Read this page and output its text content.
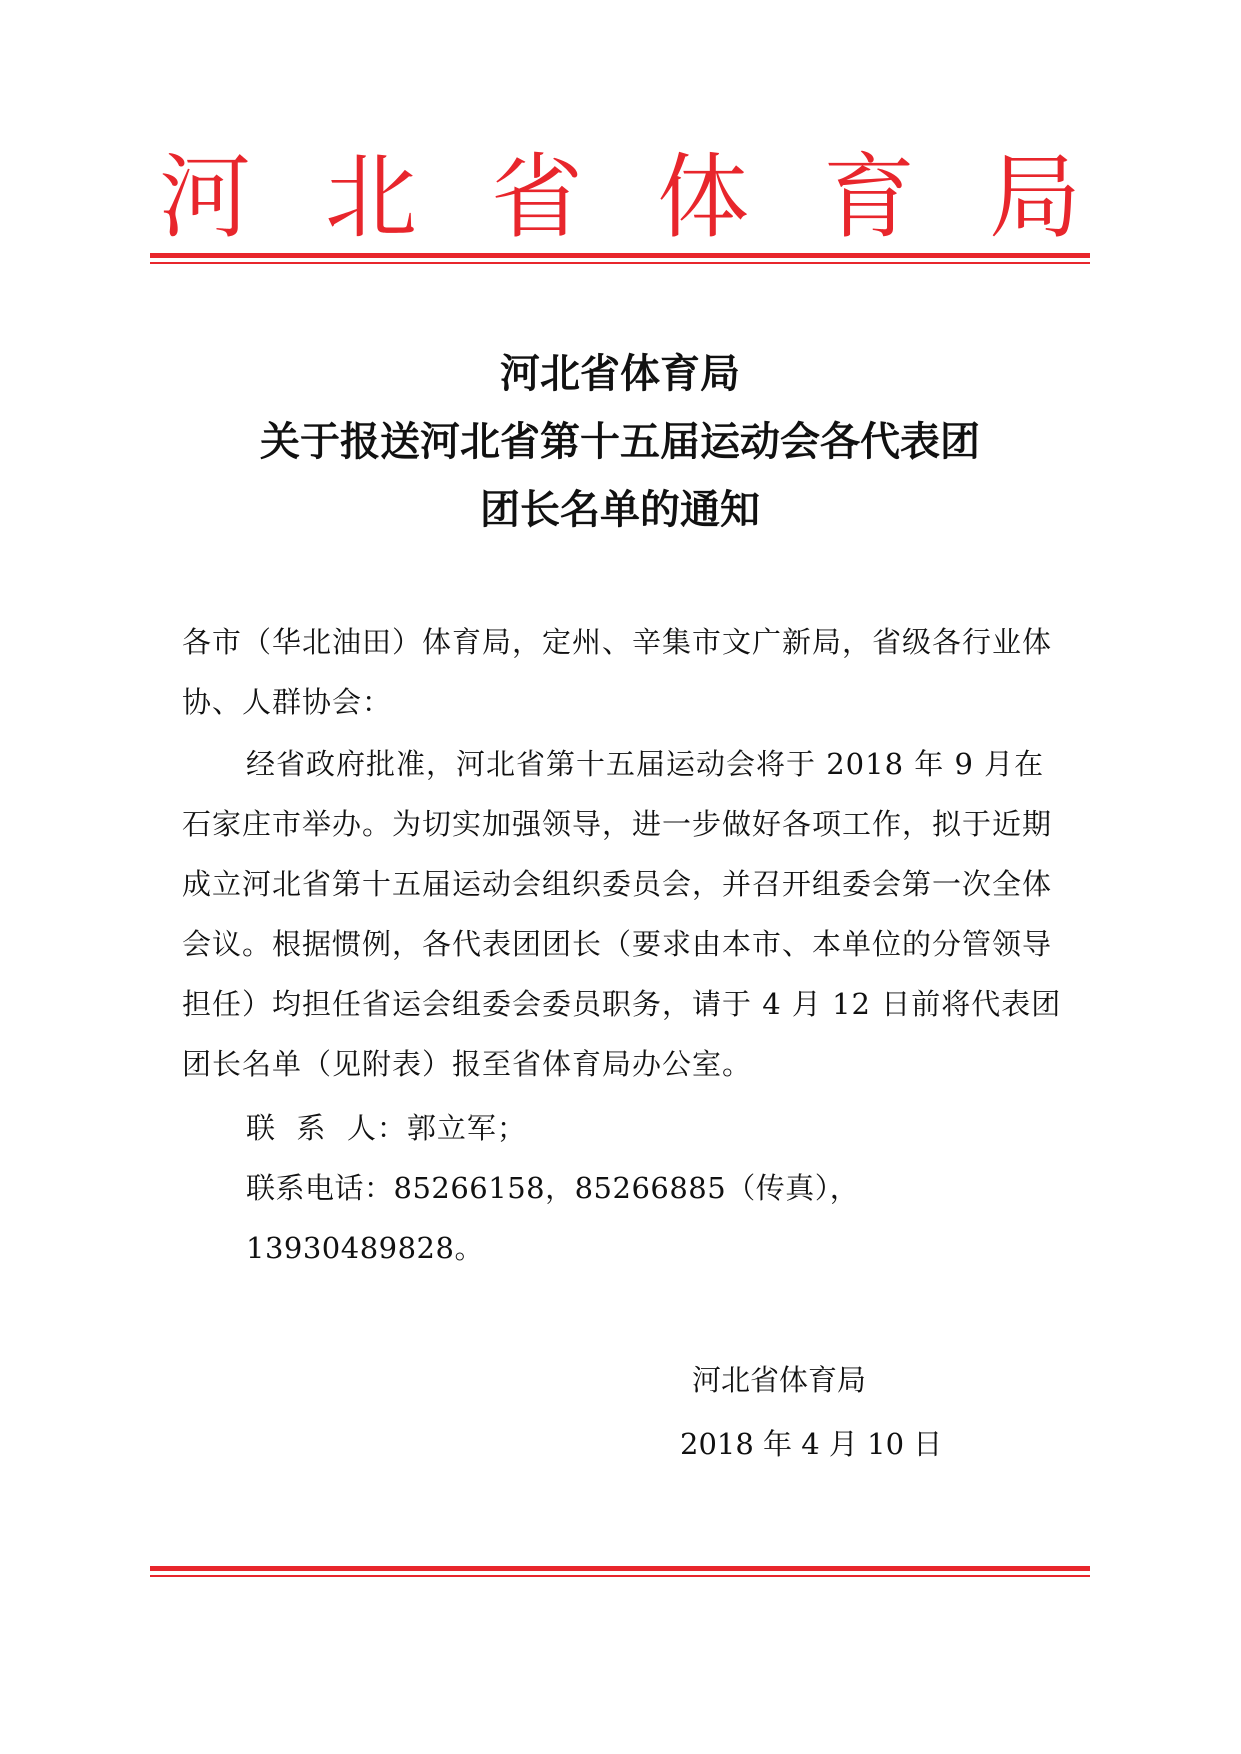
河 北 省 体 育 局
河北省体育局
关于报送河北省第十五届运动会各代表团
团长名单的通知
各市（华北油田）体育局，定州、辛集市文广新局，省级各行业体协、人群协会：
经省政府批准，河北省第十五届运动会将于 2018 年 9 月在石家庄市举办。为切实加强领导，进一步做好各项工作，拟于近期成立河北省第十五届运动会组织委员会，并召开组委会第一次全体会议。根据惯例，各代表团团长（要求由本市、本单位的分管领导担任）均担任省运会组委会委员职务，请于 4 月 12 日前将代表团团长名单（见附表）报至省体育局办公室。
联  系  人：郭立军；
联系电话：85266158，85266885（传真），13930489828。
河北省体育局
2018 年 4 月 10 日
